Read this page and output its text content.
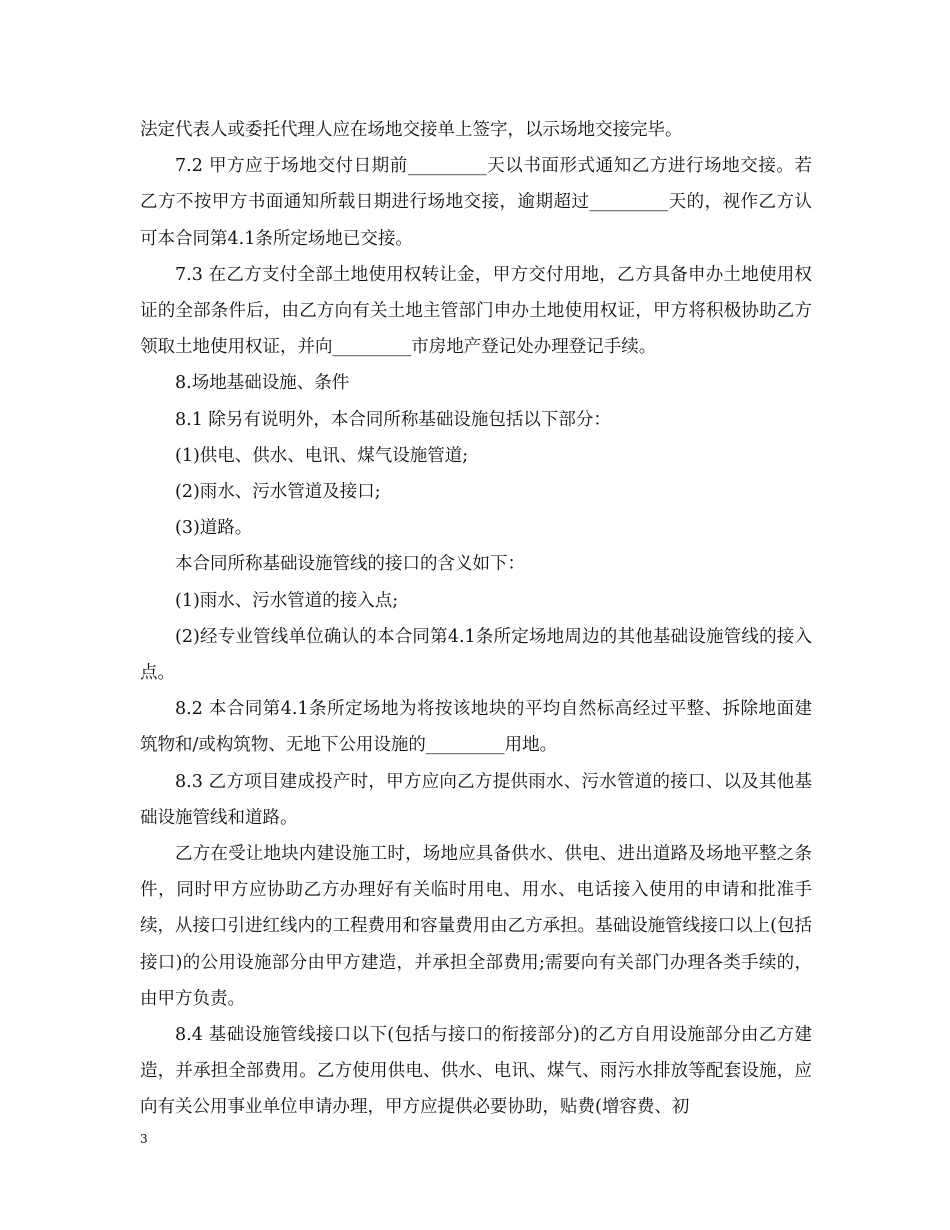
法定代表人或委托代理人应在场地交接单上签字，以示场地交接完毕。

7.2 甲方应于场地交付日期前_________天以书面形式通知乙方进行场地交接。若乙方不按甲方书面通知所载日期进行场地交接，逾期超过_________天的，视作乙方认可本合同第4.1条所定场地已交接。

7.3 在乙方支付全部土地使用权转让金，甲方交付用地，乙方具备申办土地使用权证的全部条件后，由乙方向有关土地主管部门申办土地使用权证，甲方将积极协助乙方领取土地使用权证，并向_________市房地产登记处办理登记手续。

8.场地基础设施、条件

8.1 除另有说明外，本合同所称基础设施包括以下部分：

(1)供电、供水、电讯、煤气设施管道;

(2)雨水、污水管道及接口;

(3)道路。

本合同所称基础设施管线的接口的含义如下：

(1)雨水、污水管道的接入点;

(2)经专业管线单位确认的本合同第4.1条所定场地周边的其他基础设施管线的接入点。

8.2 本合同第4.1条所定场地为将按该地块的平均自然标高经过平整、拆除地面建筑物和/或构筑物、无地下公用设施的_________用地。

8.3 乙方项目建成投产时，甲方应向乙方提供雨水、污水管道的接口、以及其他基础设施管线和道路。

乙方在受让地块内建设施工时，场地应具备供水、供电、进出道路及场地平整之条件，同时甲方应协助乙方办理好有关临时用电、用水、电话接入使用的申请和批准手续，从接口引进红线内的工程费用和容量费用由乙方承担。基础设施管线接口以上(包括接口)的公用设施部分由甲方建造，并承担全部费用;需要向有关部门办理各类手续的，由甲方负责。

8.4 基础设施管线接口以下(包括与接口的衔接部分)的乙方自用设施部分由乙方建造，并承担全部费用。乙方使用供电、供水、电讯、煤气、雨污水排放等配套设施，应向有关公用事业单位申请办理，甲方应提供必要协助，贴费(增容费、初

3
